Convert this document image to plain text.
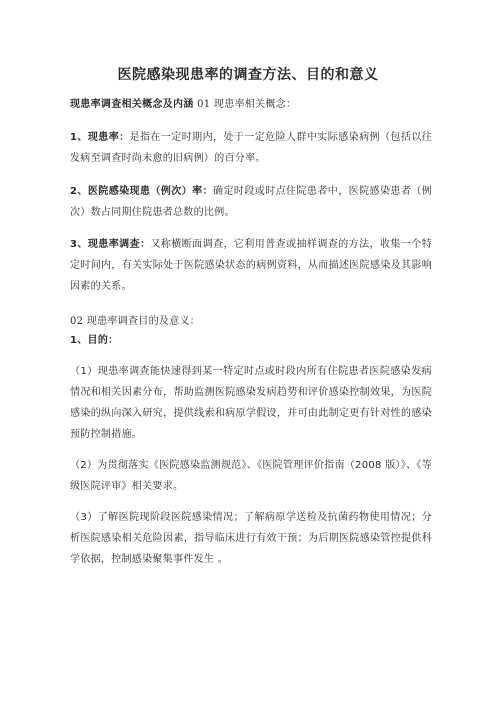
医院感染现患率的调查方法、目的和意义
现患率调查相关概念及内涵 01 现患率相关概念：
1、现患率：是指在一定时期内，处于一定危险人群中实际感染病例（包括以往发病至调查时尚未愈的旧病例）的百分率。
2、医院感染现患（例次）率：确定时段或时点住院患者中，医院感染患者（例次）数占同期住院患者总数的比例。
3、现患率调查：又称横断面调查，它利用普查或抽样调查的方法，收集一个特定时间内，有关实际处于医院感染状态的病例资料，从而描述医院感染及其影响因素的关系。
02 现患率调查目的及意义：
1、目的：
（1）现患率调查能快速得到某一特定时点或时段内所有住院患者医院感染发病情况和相关因素分布，帮助监测医院感染发病趋势和评价感染控制效果，为医院感染的纵向深入研究，提供线索和病原学假设，并可由此制定更有针对性的感染预防控制措施。
（2）为贯彻落实《医院感染监测规范》、《医院管理评价指南（2008 版）》、《等级医院评审》相关要求。
（3）了解医院现阶段医院感染情况；了解病原学送检及抗菌药物使用情况；分析医院感染相关危险因素，指导临床进行有效干预；为后期医院感染管控提供科学依据，控制感染聚集事件发生 。
